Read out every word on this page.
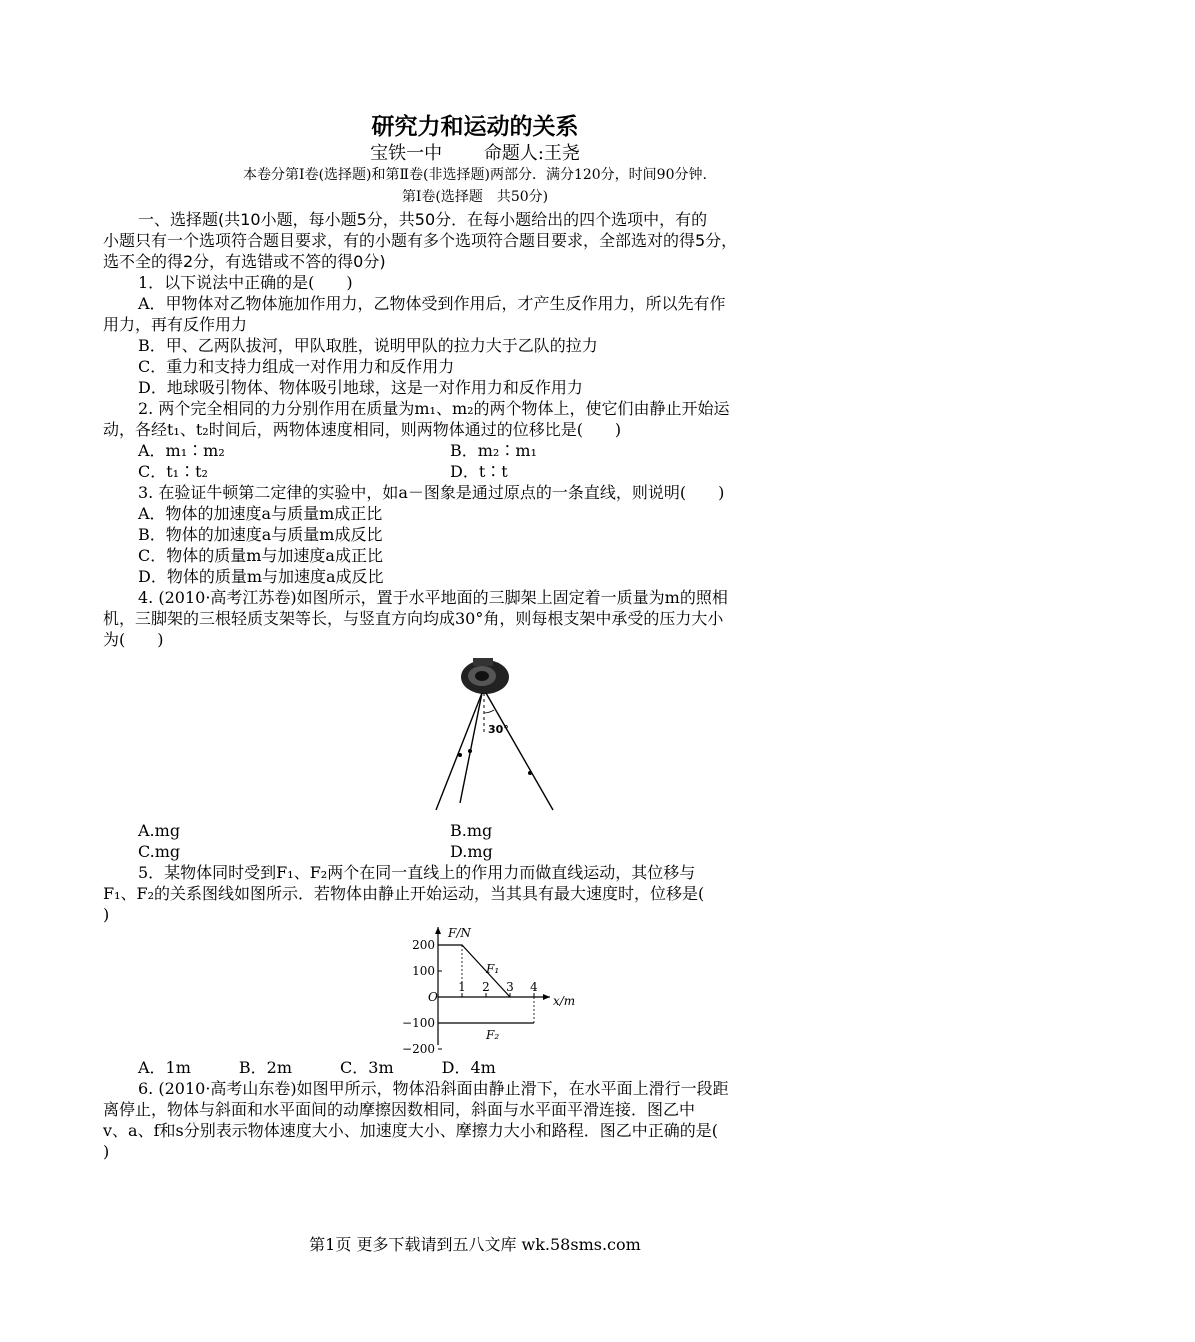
研究力和运动的关系
宝铁一中 命题人:王尧
本卷分第Ⅰ卷(选择题)和第Ⅱ卷(非选择题)两部分．满分120分，时间90分钟.
第Ⅰ卷(选择题　共50分)
一、选择题(共10小题，每小题5分，共50分．在每小题给出的四个选项中，有的
小题只有一个选项符合题目要求，有的小题有多个选项符合题目要求，全部选对的得5分，
选不全的得2分，有选错或不答的得0分)
1．以下说法中正确的是(　　)
A．甲物体对乙物体施加作用力，乙物体受到作用后，才产生反作用力，所以先有作
用力，再有反作用力
B．甲、乙两队拔河，甲队取胜，说明甲队的拉力大于乙队的拉力
C．重力和支持力组成一对作用力和反作用力
D．地球吸引物体、物体吸引地球，这是一对作用力和反作用力
2. 两个完全相同的力分别作用在质量为m₁、m₂的两个物体上，使它们由静止开始运
动，各经t₁、t₂时间后，两物体速度相同，则两物体通过的位移比是(　　)
A．m₁∶m₂	B．m₂∶m₁
C．t₁∶t₂	D．t∶t
3. 在验证牛顿第二定律的实验中，如a－图象是通过原点的一条直线，则说明(　　)
A．物体的加速度a与质量m成正比
B．物体的加速度a与质量m成反比
C．物体的质量m与加速度a成正比
D．物体的质量m与加速度a成反比
4. (2010·高考江苏卷)如图所示，置于水平地面的三脚架上固定着一质量为m的照相
机，三脚架的三根轻质支架等长，与竖直方向均成30°角，则每根支架中承受的压力大小
为(　　)
30°
A.mg	B.mg
C.mg	D.mg
5．某物体同时受到F₁、F₂两个在同一直线上的作用力而做直线运动，其位移与
F₁、F₂的关系图线如图所示．若物体由静止开始运动，当其具有最大速度时，位移是(
)
F/N
x/m
O
200
100
−100
−200
1 2 3 4
F₁
F₂
A．1m　　　B．2m　　　C．3m　　　D．4m
6. (2010·高考山东卷)如图甲所示，物体沿斜面由静止滑下，在水平面上滑行一段距
离停止，物体与斜面和水平面间的动摩擦因数相同，斜面与水平面平滑连接．图乙中
v、a、f和s分别表示物体速度大小、加速度大小、摩擦力大小和路程．图乙中正确的是(
)
第1页 更多下载请到五八文库 wk.58sms.com
